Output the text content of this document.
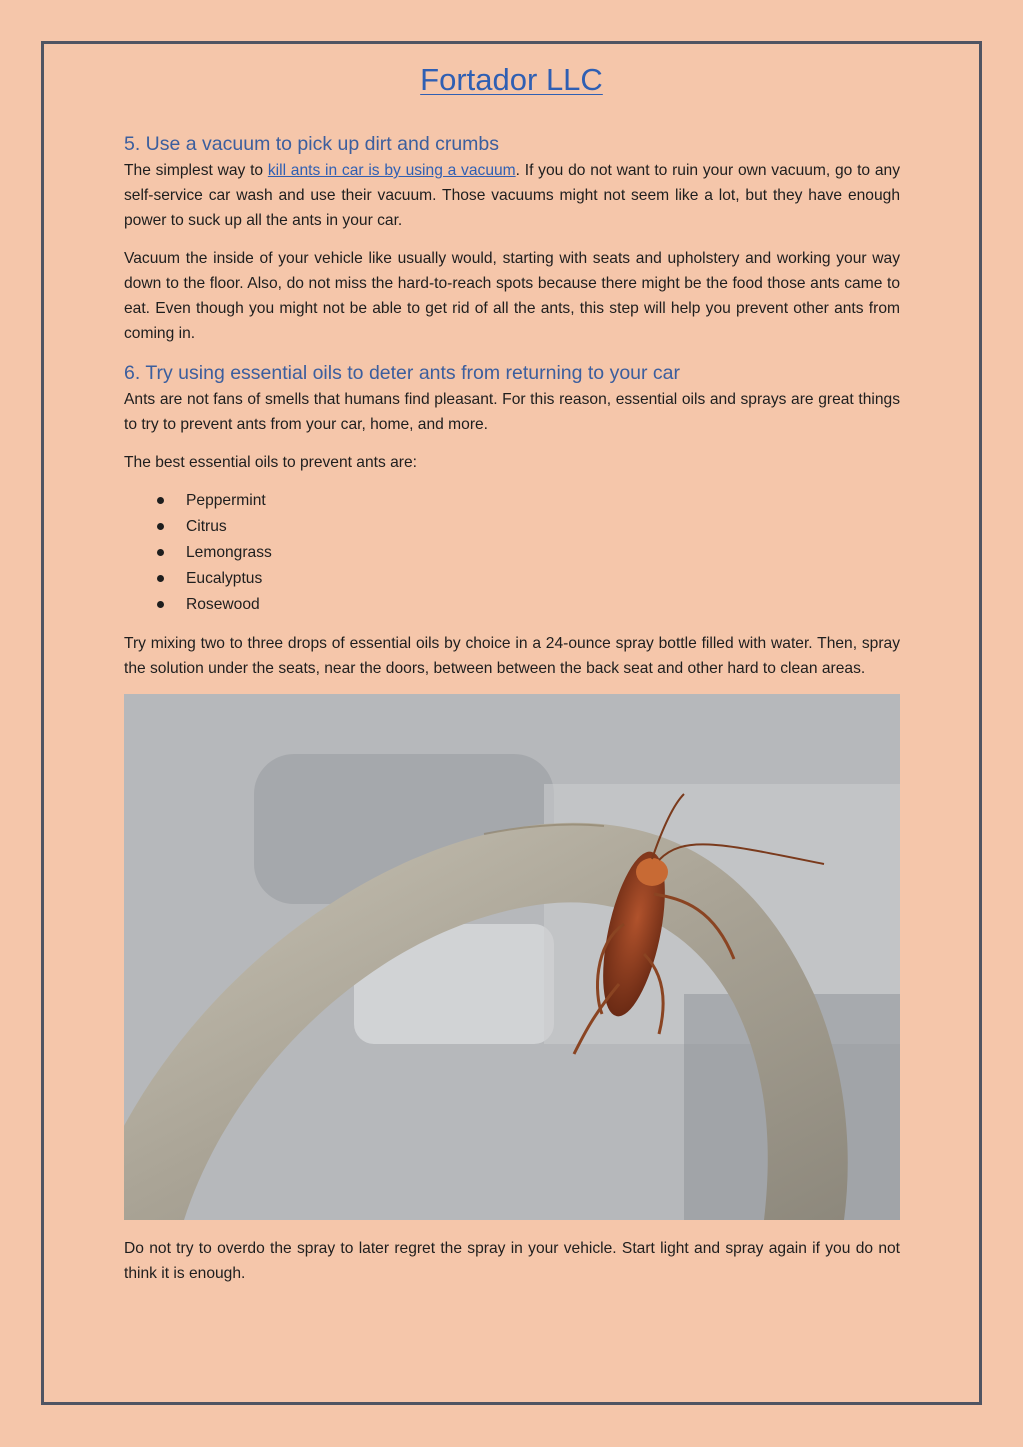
Fortador LLC
5. Use a vacuum to pick up dirt and crumbs

The simplest way to kill ants in car is by using a vacuum. If you do not want to ruin your own vacuum, go to any self-service car wash and use their vacuum. Those vacuums might not seem like a lot, but they have enough power to suck up all the ants in your car.

Vacuum the inside of your vehicle like usually would, starting with seats and upholstery and working your way down to the floor. Also, do not miss the hard-to-reach spots because there might be the food those ants came to eat. Even though you might not be able to get rid of all the ants, this step will help you prevent other ants from coming in.

6. Try using essential oils to deter ants from returning to your car

Ants are not fans of smells that humans find pleasant. For this reason, essential oils and sprays are great things to try to prevent ants from your car, home, and more.

The best essential oils to prevent ants are:

Peppermint
Citrus
Lemongrass
Eucalyptus
Rosewood

Try mixing two to three drops of essential oils by choice in a 24-ounce spray bottle filled with water. Then, spray the solution under the seats, near the doors, between between the back seat and other hard to clean areas.

Do not try to overdo the spray to later regret the spray in your vehicle. Start light and spray again if you do not think it is enough.
